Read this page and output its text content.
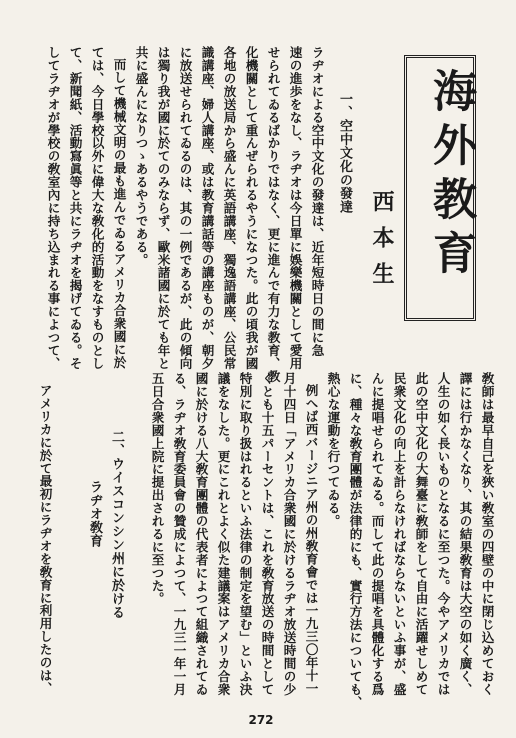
海外教育
西本生
一、空中文化の發達
ラヂオによる空中文化の發達は、近年短時日の間に急
速の進歩をなし、ラヂオは今日單に娛樂機關として愛用
せられてゐるばかりではなく、更に進んで有力な教育、教
化機關として重んぜられるやうになつた。此の頃我が國
各地の放送局から盛んに英語講座、獨逸語講座、公民常
識講座、婦人講座、或は教育講話等の講座ものが、朝夕
に放送せられてゐるのは、其の一例であるが、此の傾向
は獨り我が國に於てのみならず、歐米諸國に於ても年と
共に盛んになりつゝあるやうである。
而して機械文明の最も進んでゐるアメリカ合衆國に於
ては、今日學校以外に偉大な敎化的活動をなすものとし
て、新聞紙、活動寫眞等と共にラヂオを揭げてゐる。そ
してラヂオが學校の敎室內に持ち込まれる事によつて、
敎師は最早自己を狹い敎室の四壁の中に閉じ込めておく
譯には行かなくなり、其の結果敎育は大空の如く廣く、
人生の如く長いものとなるに至つた。今やアメリカでは
此の空中文化の大舞臺に敎師をして自由に活躍せしめて
民衆文化の向上を計らなければならないといふ事が、盛
んに提唱せられてゐる。而して此の提唱を具體化する爲
に、種々な敎育團體が法律的にも、實行方法についても、
熱心な運動を行つてゐる。
例へば西バージニア州の州敎育會では一九三〇年十一
月十四日「アメリカ合衆國に於けるラヂオ放送時間の少
くとも十五パーセントは、これを敎育放送の時間として
特別に取り扱はれるといふ法律の制定を望む」といふ決
議をなした。更にこれとよく似た建議案はアメリカ合衆
國に於ける八大敎育團體の代表者によつて組織されてゐ
る、ラヂオ敎育委員會の贊成によつて、一九三一年一月
五日合衆國上院に提出されるに至つた。
二、ウイスコンシン州に於ける
ラヂオ敎育
アメリカに於て最初にラヂオを敎育に利用したのは、
272
